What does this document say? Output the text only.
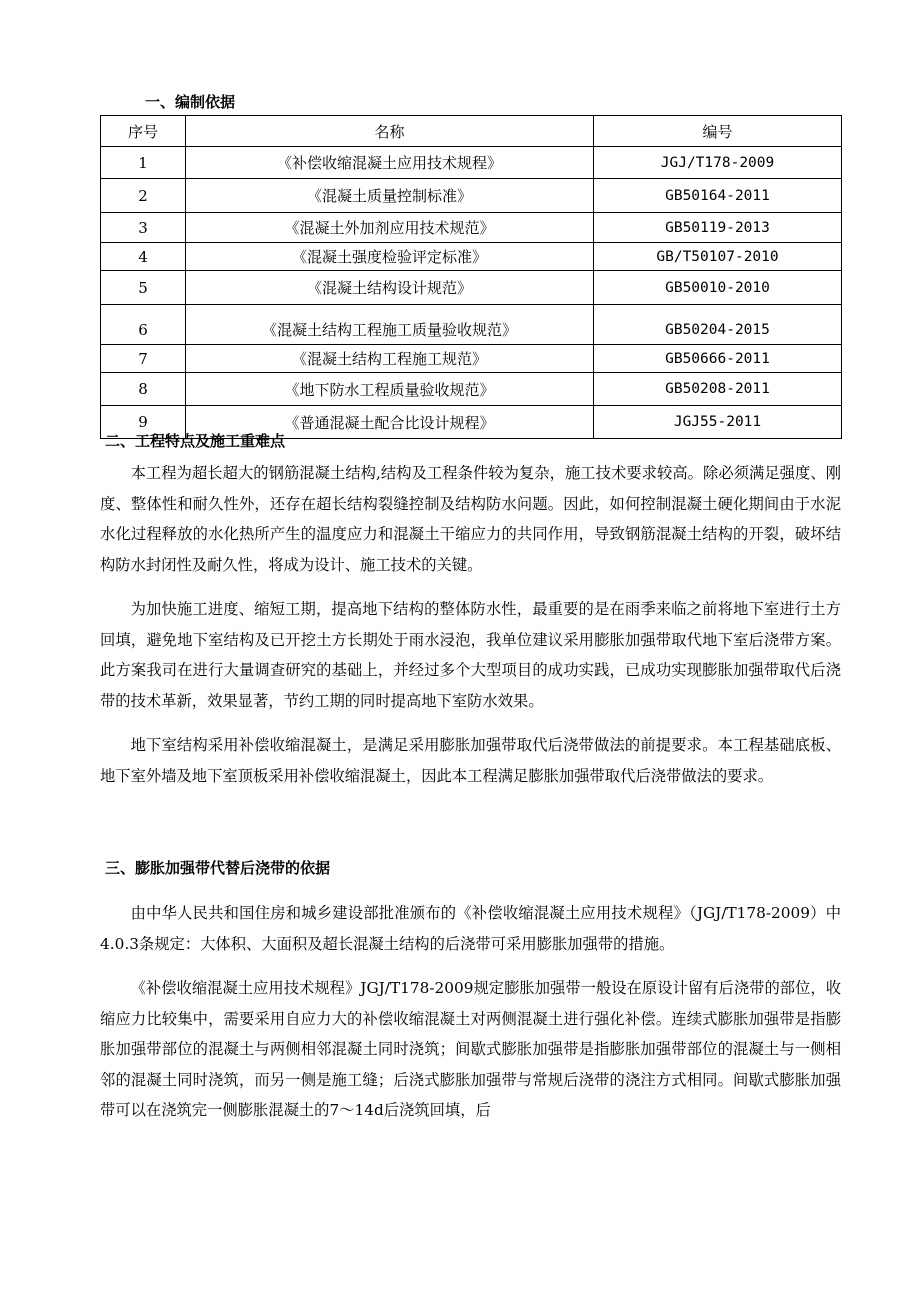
一、编制依据
序号	名称	编号
1	《补偿收缩混凝土应用技术规程》	JGJ/T178-2009
2	《混凝土质量控制标准》	GB50164-2011
3	《混凝土外加剂应用技术规范》	GB50119-2013
4	《混凝土强度检验评定标准》	GB/T50107-2010
5	《混凝土结构设计规范》	GB50010-2010
6	《混凝土结构工程施工质量验收规范》	GB50204-2015
7	《混凝土结构工程施工规范》	GB50666-2011
8	《地下防水工程质量验收规范》	GB50208-2011
9	《普通混凝土配合比设计规程》	JGJ55-2011
二、工程特点及施工重难点

本工程为超长超大的钢筋混凝土结构,结构及工程条件较为复杂，施工技术要求较高。除必须满足强度、刚度、整体性和耐久性外，还存在超长结构裂缝控制及结构防水问题。因此，如何控制混凝土硬化期间由于水泥水化过程释放的水化热所产生的温度应力和混凝土干缩应力的共同作用，导致钢筋混凝土结构的开裂，破坏结构防水封闭性及耐久性，将成为设计、施工技术的关键。

为加快施工进度、缩短工期，提高地下结构的整体防水性，最重要的是在雨季来临之前将地下室进行土方回填，避免地下室结构及已开挖土方长期处于雨水浸泡，我单位建议采用膨胀加强带取代地下室后浇带方案。此方案我司在进行大量调查研究的基础上，并经过多个大型项目的成功实践，已成功实现膨胀加强带取代后浇带的技术革新，效果显著，节约工期的同时提高地下室防水效果。

地下室结构采用补偿收缩混凝土，是满足采用膨胀加强带取代后浇带做法的前提要求。本工程基础底板、地下室外墙及地下室顶板采用补偿收缩混凝土，因此本工程满足膨胀加强带取代后浇带做法的要求。

三、膨胀加强带代替后浇带的依据

由中华人民共和国住房和城乡建设部批准颁布的《补偿收缩混凝土应用技术规程》（JGJ/T178-2009）中4.0.3条规定：大体积、大面积及超长混凝土结构的后浇带可采用膨胀加强带的措施。

《补偿收缩混凝土应用技术规程》JGJ/T178-2009规定膨胀加强带一般设在原设计留有后浇带的部位，收缩应力比较集中，需要采用自应力大的补偿收缩混凝土对两侧混凝土进行强化补偿。连续式膨胀加强带是指膨胀加强带部位的混凝土与两侧相邻混凝土同时浇筑；间歇式膨胀加强带是指膨胀加强带部位的混凝土与一侧相邻的混凝土同时浇筑，而另一侧是施工缝；后浇式膨胀加强带与常规后浇带的浇注方式相同。间歇式膨胀加强带可以在浇筑完一侧膨胀混凝土的7～14d后浇筑回填，后
